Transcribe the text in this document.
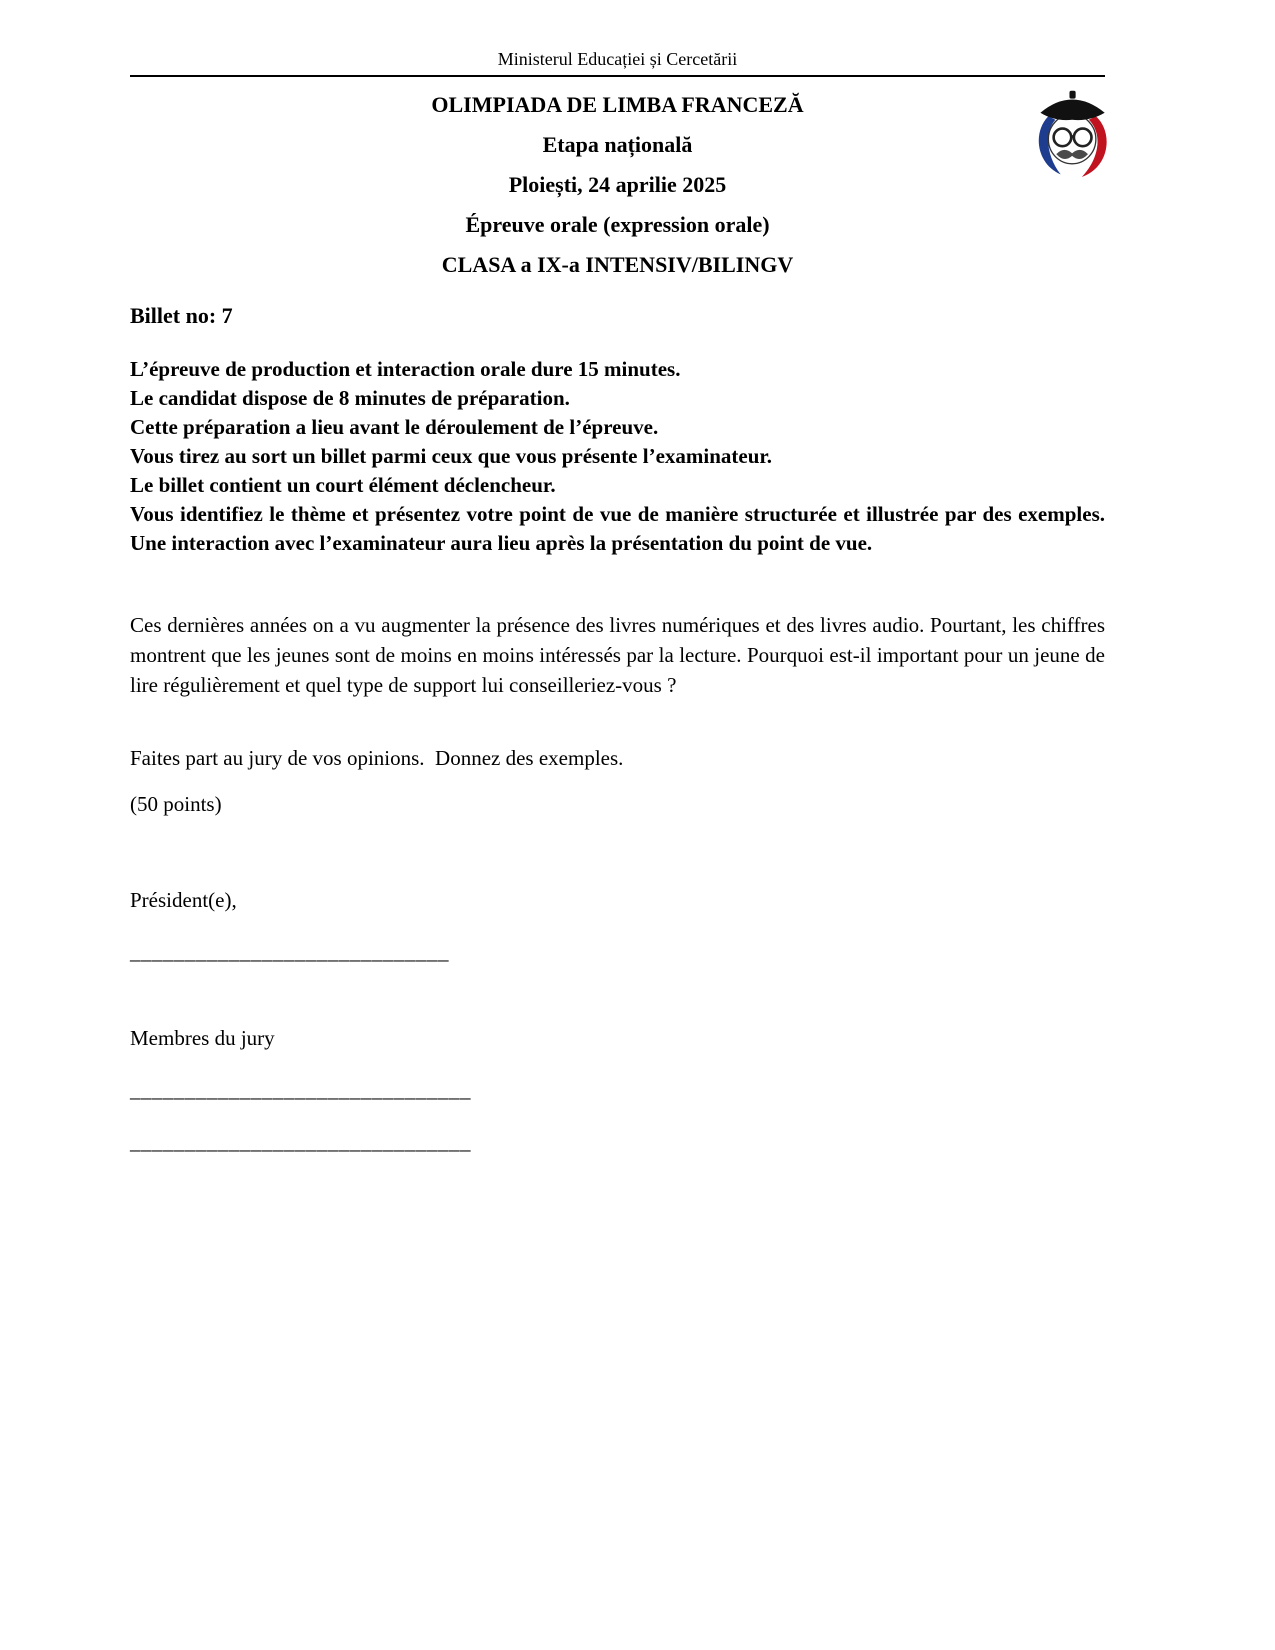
Ministerul Educației și Cercetării
OLIMPIADA DE LIMBA FRANCEZĂ
Etapa națională
Ploiești, 24 aprilie 2025
Épreuve orale (expression orale)
CLASA a IX-a INTENSIV/BILINGV
Billet no: 7
L’épreuve de production et interaction orale dure 15 minutes.
Le candidat dispose de 8 minutes de préparation.
Cette préparation a lieu avant le déroulement de l’épreuve.
Vous tirez au sort un billet parmi ceux que vous présente l’examinateur.
Le billet contient un court élément déclencheur.
Vous identifiez le thème et présentez votre point de vue de manière structurée et illustrée par des exemples. Une interaction avec l’examinateur aura lieu après la présentation du point de vue.
Ces dernières années on a vu augmenter la présence des livres numériques et des livres audio. Pourtant, les chiffres montrent que les jeunes sont de moins en moins intéressés par la lecture. Pourquoi est-il important pour un jeune de lire régulièrement et quel type de support lui conseilleriez-vous ?
Faites part au jury de vos opinions.  Donnez des exemples.
(50 points)
Président(e),
_____________________________
Membres du jury
_______________________________
_______________________________
